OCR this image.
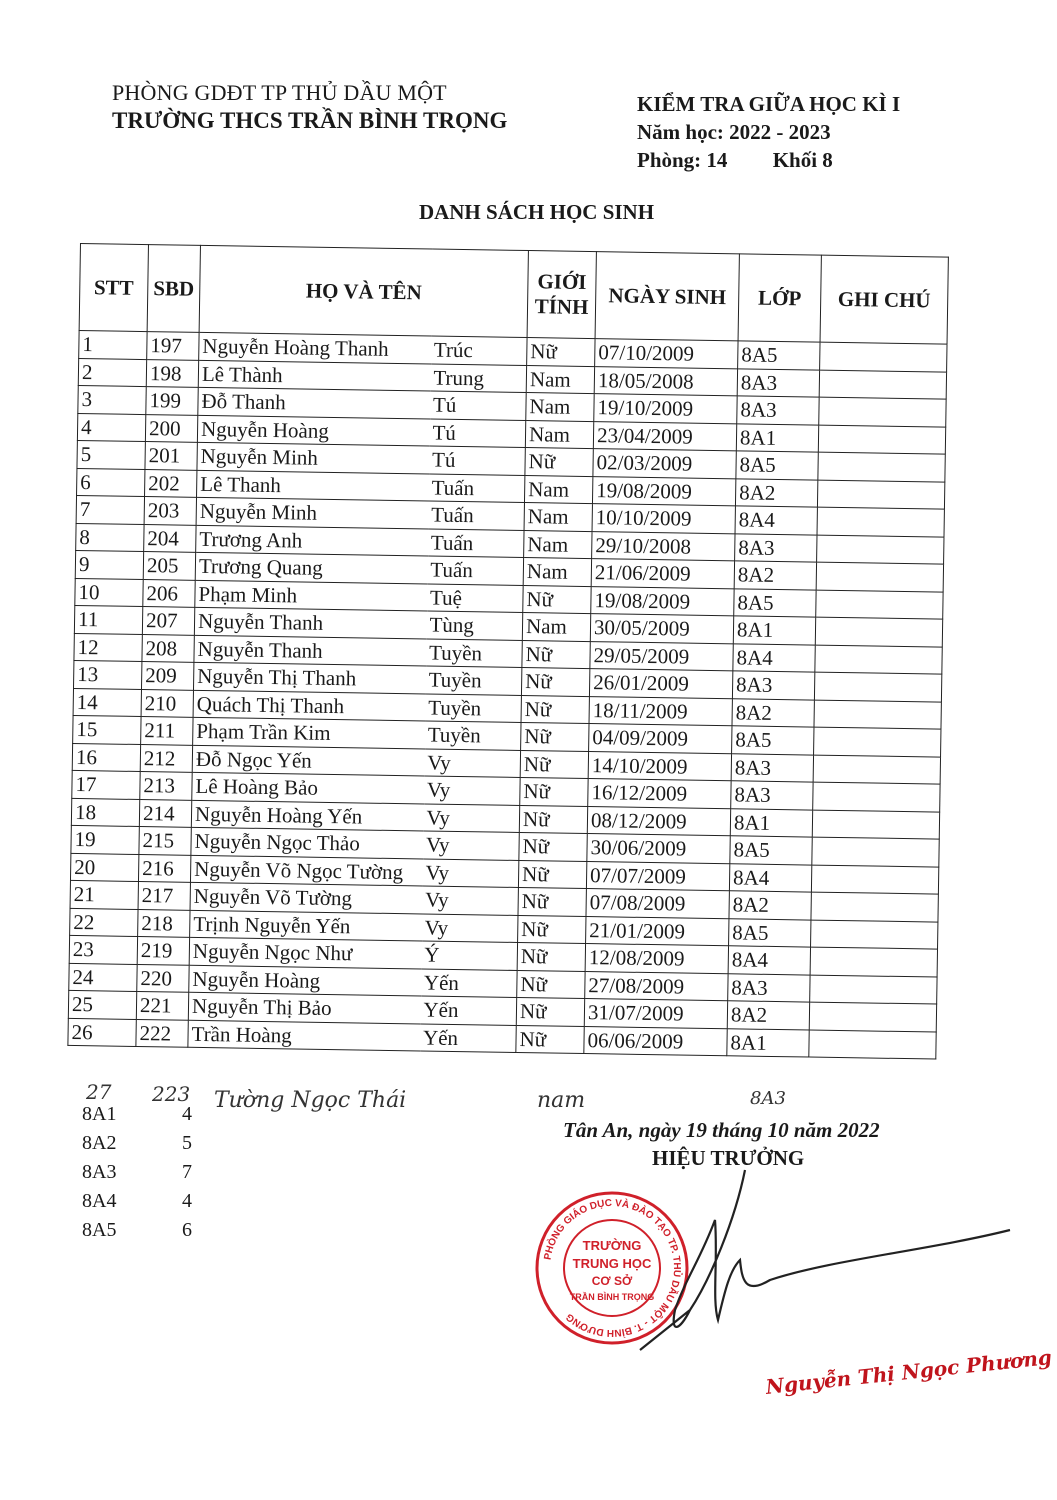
PHÒNG GDĐT TP THỦ DẦU MỘT
TRƯỜNG THCS TRẦN BÌNH TRỌNG
KIỂM TRA GIỮA HỌC KÌ I
Năm học: 2022 - 2023
Phòng: 14 Khối 8
DANH SÁCH HỌC SINH
STT	SBD	HỌ VÀ TÊN		GIỚI
TÍNH	NGÀY SINH	LỚP	GHI CHÚ
1	197	Nguyễn Hoàng Thanh	Trúc	Nữ	07/10/2009	8A5	
2	198	Lê Thành	Trung	Nam	18/05/2008	8A3	
3	199	Đỗ Thanh	Tú	Nam	19/10/2009	8A3	
4	200	Nguyễn Hoàng	Tú	Nam	23/04/2009	8A1	
5	201	Nguyễn Minh	Tú	Nữ	02/03/2009	8A5	
6	202	Lê Thanh	Tuấn	Nam	19/08/2009	8A2	
7	203	Nguyễn Minh	Tuấn	Nam	10/10/2009	8A4	
8	204	Trương Anh	Tuấn	Nam	29/10/2008	8A3	
9	205	Trương Quang	Tuấn	Nam	21/06/2009	8A2	
10	206	Phạm Minh	Tuệ	Nữ	19/08/2009	8A5	
11	207	Nguyễn Thanh	Tùng	Nam	30/05/2009	8A1	
12	208	Nguyễn Thanh	Tuyền	Nữ	29/05/2009	8A4	
13	209	Nguyễn Thị Thanh	Tuyền	Nữ	26/01/2009	8A3	
14	210	Quách Thị Thanh	Tuyền	Nữ	18/11/2009	8A2	
15	211	Phạm Trần Kim	Tuyền	Nữ	04/09/2009	8A5	
16	212	Đỗ Ngọc Yến	Vy	Nữ	14/10/2009	8A3	
17	213	Lê Hoàng Bảo	Vy	Nữ	16/12/2009	8A3	
18	214	Nguyễn Hoàng Yến	Vy	Nữ	08/12/2009	8A1	
19	215	Nguyễn Ngọc Thảo	Vy	Nữ	30/06/2009	8A5	
20	216	Nguyễn Võ Ngọc Tường	Vy	Nữ	07/07/2009	8A4	
21	217	Nguyễn Võ Tường	Vy	Nữ	07/08/2009	8A2	
22	218	Trịnh Nguyễn Yến	Vy	Nữ	21/01/2009	8A5	
23	219	Nguyễn Ngọc Như	Ý	Nữ	12/08/2009	8A4	
24	220	Nguyễn Hoàng	Yến	Nữ	27/08/2009	8A3	
25	221	Nguyễn Thị Bảo	Yến	Nữ	31/07/2009	8A2	
26	222	Trần Hoàng	Yến	Nữ	06/06/2009	8A1	
27 223 Tường Ngọc Thái	nam	8A3
8A1	4
8A2	5
8A3	7
8A4	4
8A5	6
Tân An, ngày 19 tháng 10 năm 2022
HIỆU TRƯỞNG
PHÒNG GIÁO DỤC VÀ ĐÀO TẠO TP. THỦ DẦU MỘT - T. BÌNH DƯƠNG
TRƯỜNG
TRUNG HỌC
CƠ SỞ
TRẦN BÌNH TRỌNG
Nguyễn Thị Ngọc Phương
